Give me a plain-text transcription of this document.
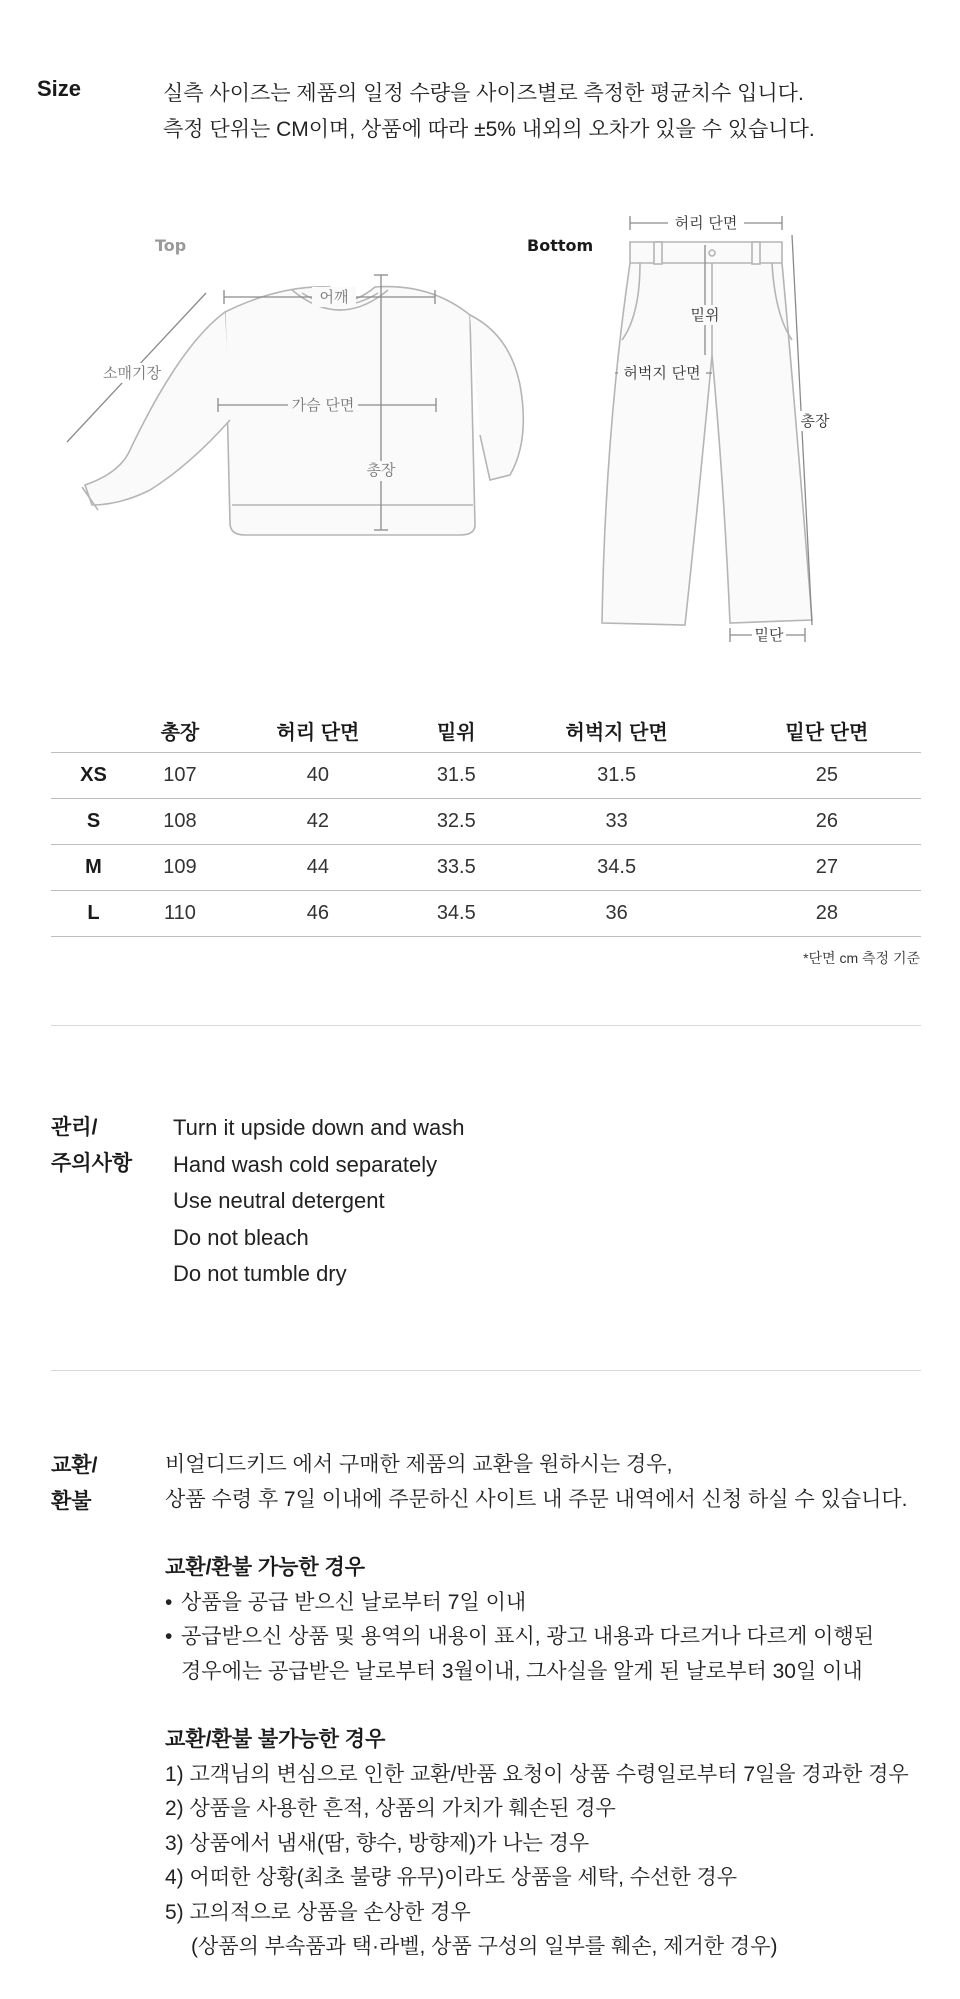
Size	실측 사이즈는 제품의 일정 수량을 사이즈별로 측정한 평균치수 입니다.

측정 단위는 CM이며, 상품에 따라 ±5% 내외의 오차가 있을 수 있습니다.

Top
어깨
가슴 단면
총장
소매기장
Bottom
허리 단면
밑위
허벅지 단면
총장
밑단
	총장	허리 단면	밑위	허벅지 단면	밑단 단면
XS	107	40	31.5	31.5	25
S	108	42	32.5	33	26
M	109	44	33.5	34.5	27
L	110	46	34.5	36	28
*단면 cm 측정 기준

관리/

주의사항

Turn it upside down and wash
Hand wash cold separately
Use neutral detergent
Do not bleach
Do not tumble dry

교환/

환불

비얼디드키드 에서 구매한 제품의 교환을 원하시는 경우,

상품 수령 후 7일 이내에 주문하신 사이트 내 주문 내역에서 신청 하실 수 있습니다.

교환/환불 가능한 경우

• 상품을 공급 받으신 날로부터 7일 이내

• 공급받으신 상품 및 용역의 내용이 표시, 광고 내용과 다르거나 다르게 이행된

경우에는 공급받은 날로부터 3월이내, 그사실을 알게 된 날로부터 30일 이내

교환/환불 불가능한 경우

1) 고객님의 변심으로 인한 교환/반품 요청이 상품 수령일로부터 7일을 경과한 경우

2) 상품을 사용한 흔적, 상품의 가치가 훼손된 경우

3) 상품에서 냄새(땀, 향수, 방향제)가 나는 경우

4) 어떠한 상황(최초 불량 유무)이라도 상품을 세탁, 수선한 경우

5) 고의적으로 상품을 손상한 경우

(상품의 부속품과 택·라벨, 상품 구성의 일부를 훼손, 제거한 경우)
